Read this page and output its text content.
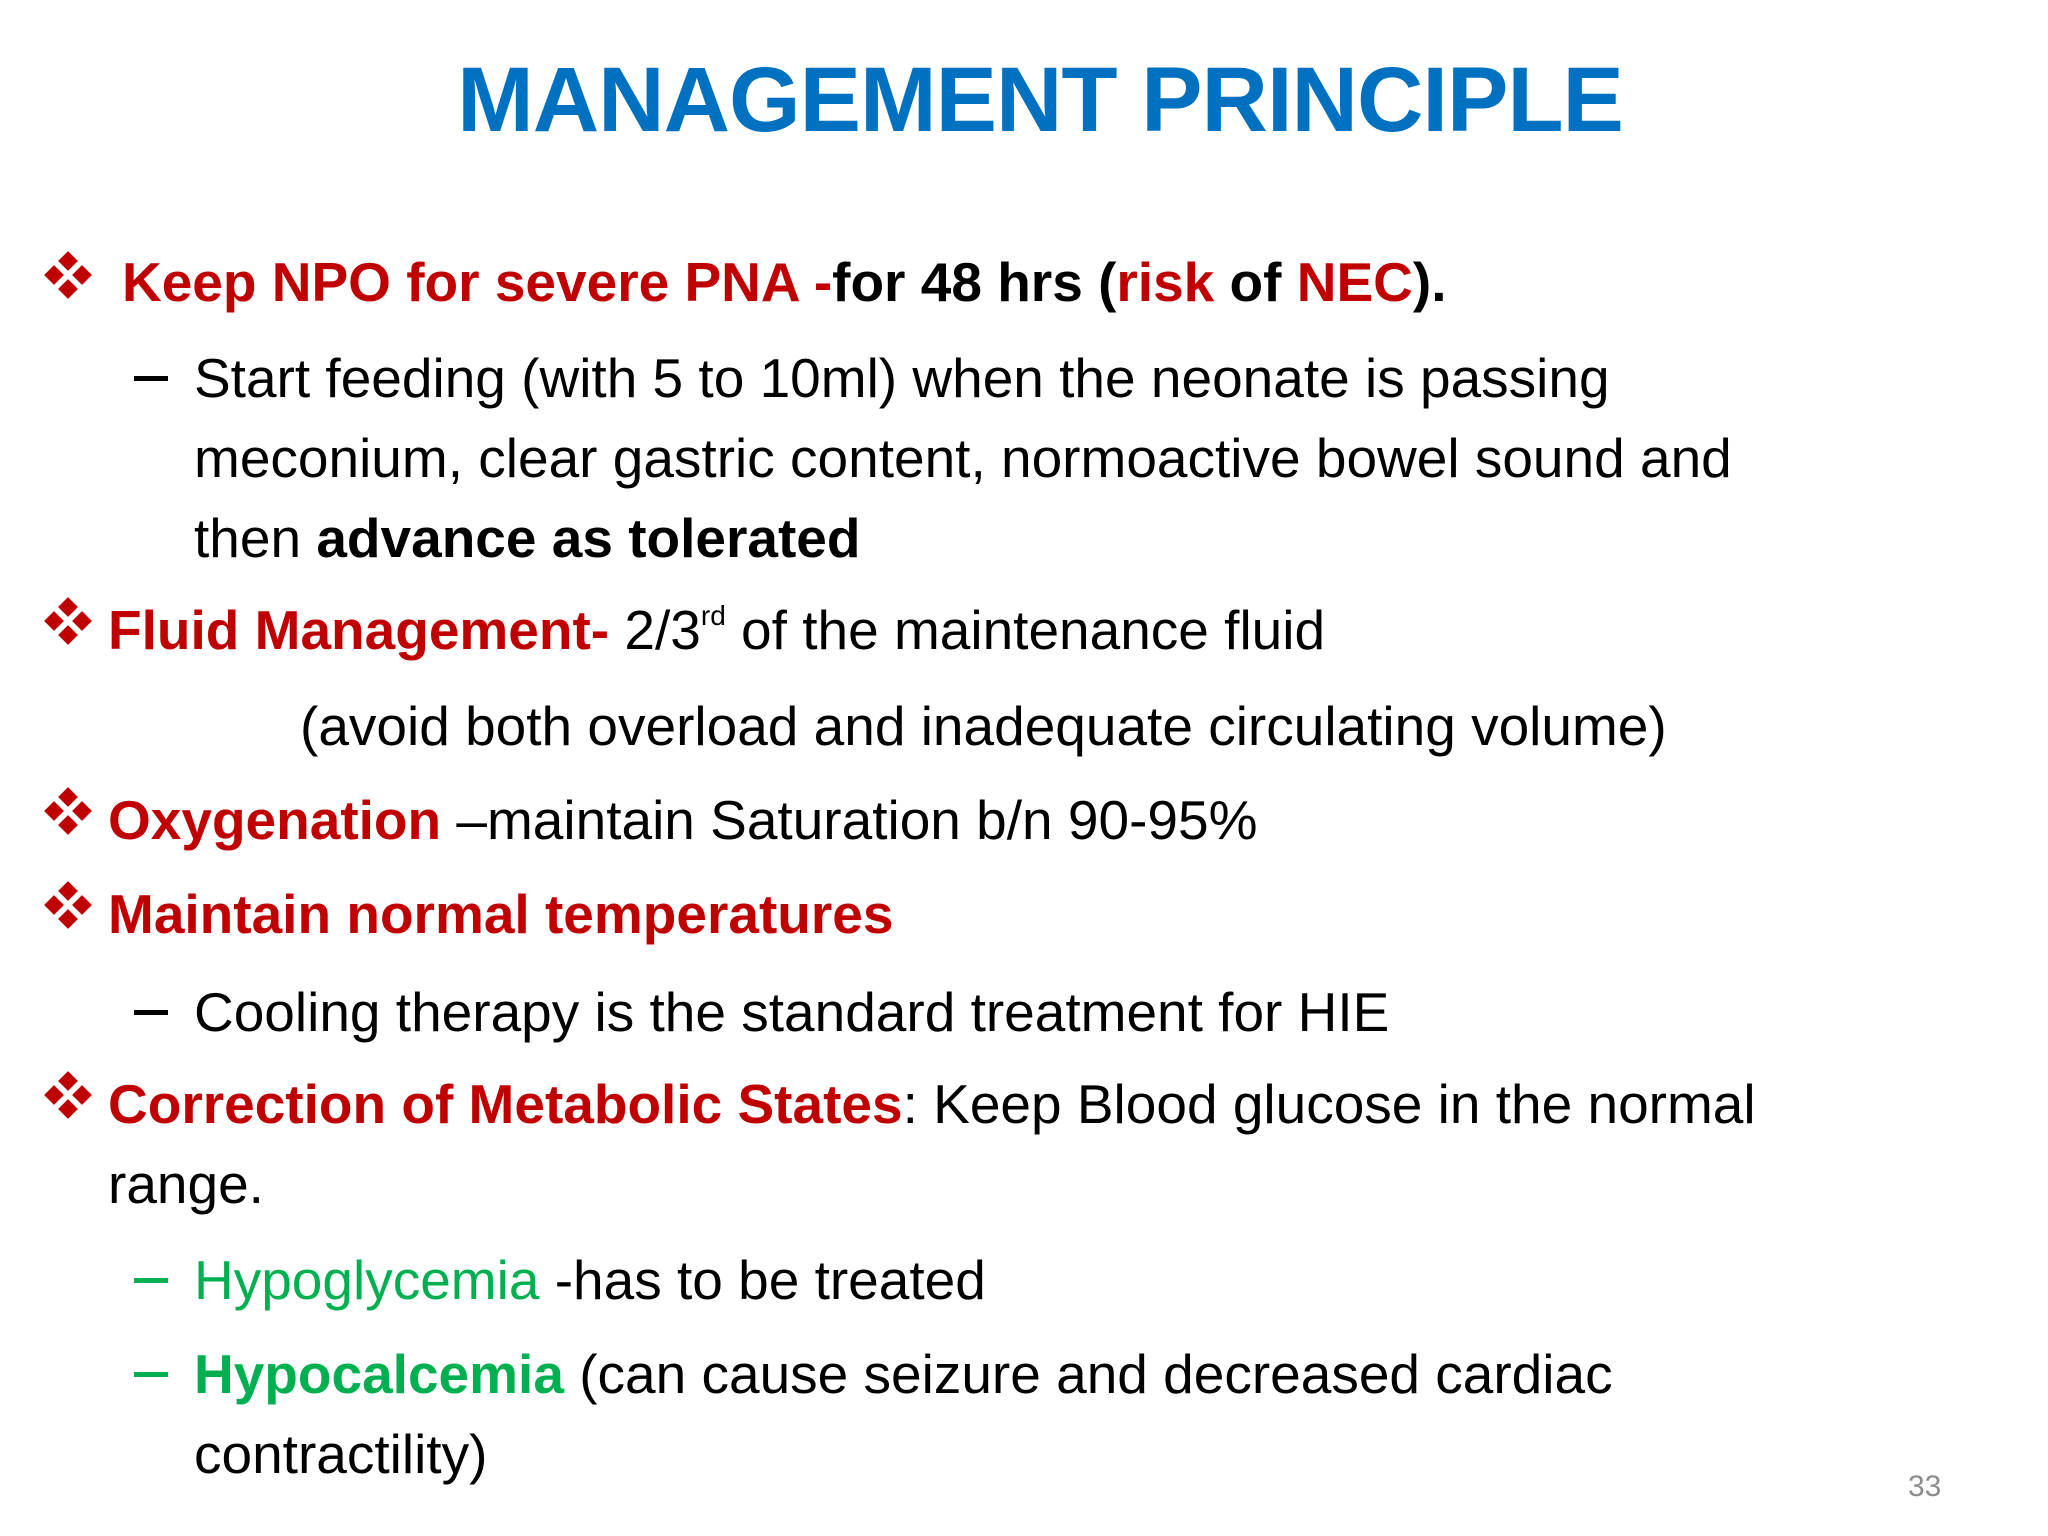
MANAGEMENT PRINCIPLE
Keep NPO for severe PNA -for 48 hrs (risk of NEC).
Start feeding (with 5 to 10ml) when the neonate is passing
meconium, clear gastric content, normoactive bowel sound and
then advance as tolerated
Fluid Management- 2/3rd of the maintenance fluid
(avoid both overload and inadequate circulating volume)
Oxygenation –maintain Saturation b/n 90-95%
Maintain normal temperatures
Cooling therapy is the standard treatment for HIE
Correction of Metabolic States: Keep Blood glucose in the normal
range.
Hypoglycemia -has to be treated
Hypocalcemia (can cause seizure and decreased cardiac
contractility)
33
